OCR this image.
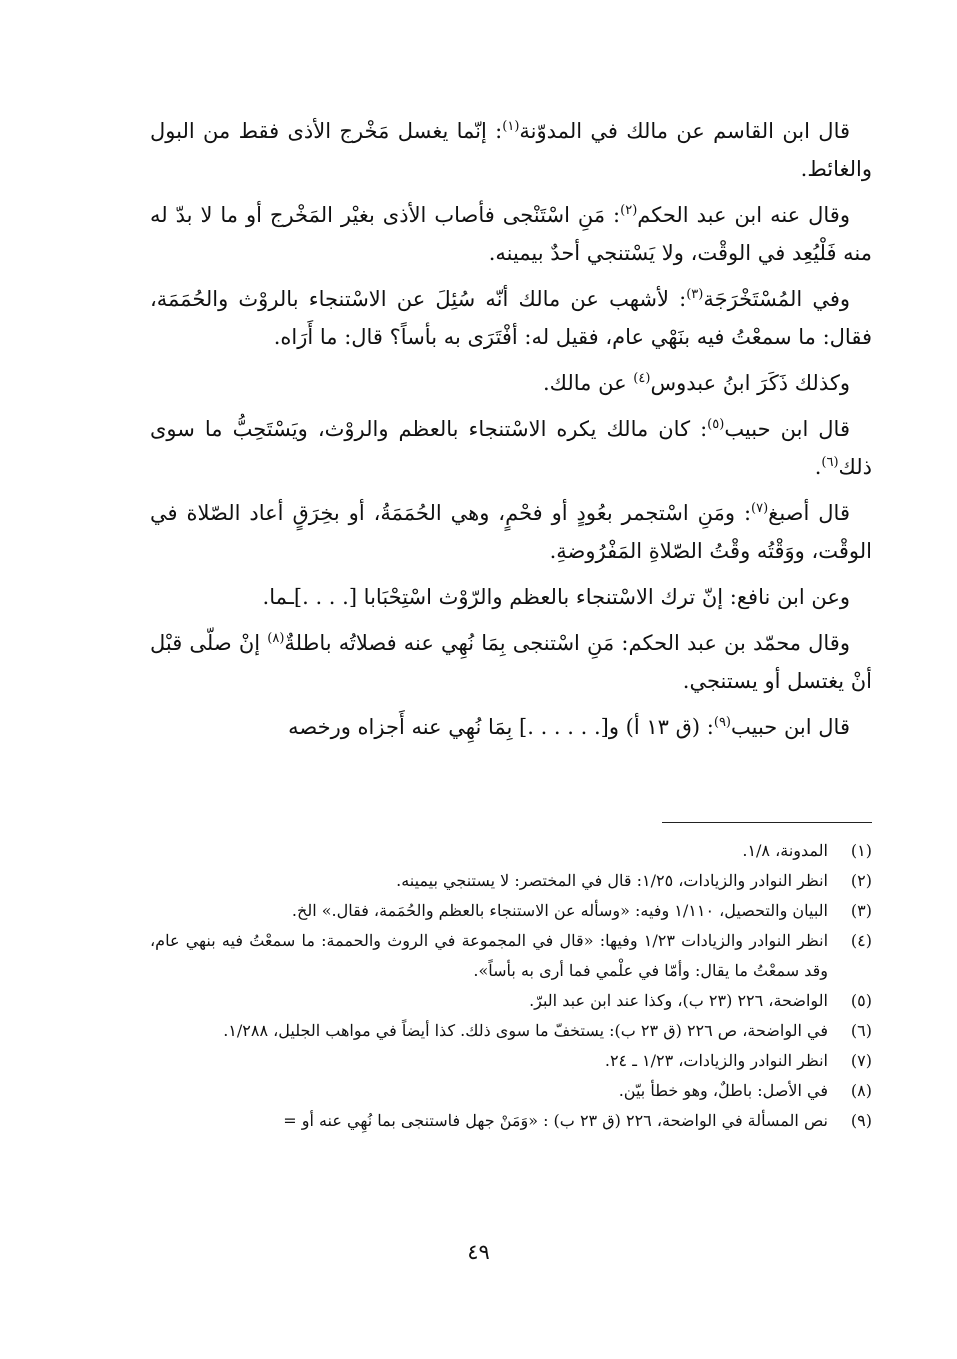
قال ابن القاسم عن مالك في المدوّنة$^{(١)}$: إنّما يغسل مَخْرج الأذى فقط من البول والغائط.

وقال عنه ابن عبد الحكم$^{(٢)}$: مَنِ اسْتَنْجى فأصاب الأذى بغيْر المَخْرج أو ما لا بدّ له منه فَلْيُعِد في الوقْت، ولا يَسْتنجي أحدٌ بيمينه.

وفي المُسْتَخْرَجَة$^{(٣)}$: لأشهب عن مالك أنّه سُئِلَ عن الاسْتنجاء بالروْث والحُمَمَة، فقال: ما سمعْتُ فيه بنَهْي عام، فقيل له: أفْتَرَى به بأساً؟ قال: ما أَرَاه.

وكذلك ذَكَرَ ابنُ عبدوس$^{(٤)}$ عن مالك.

قال ابن حبيب$^{(٥)}$: كان مالك يكره الاسْتنجاء بالعظم والروْث، ويَسْتَحِبُّ ما سوى ذلك$^{(٦)}$.

قال أصبغ$^{(٧)}$: ومَنِ اسْتجمر بعُودٍ أو فحْمٍ، وهي الحُمَمَةُ، أو بخِرَقٍ أعاد الصّلاة في الوقْت، ووَقْتُه وقْتُ الصّلاةِ المَفْرُوضةِ.

وعن ابن نافع: إنّ ترك الاسْتنجاء بالعظم والرّوْث اسْتِحْبَابا [. . . .]ـما.

وقال محمّد بن عبد الحكم: مَنِ اسْتنجى بِمَا نُهِي عنه فصلاتُه باطلةٌ$^{(٨)}$ إنْ صلّى قبْل أنْ يغتسل أو يستنجي.

قال ابن حبيب$^{(٩)}$: (ق ١٣ أ) و[. . . . . .] بِمَا نُهِي عنه أَجزاه ورخصه

(١)
المدونة، ١/٨.
(٢)
انظر النوادر والزيادات، ١/٢٥: قال في المختصر: لا يستنجي بيمينه.
(٣)
البيان والتحصيل، ١/١١٠ وفيه: «وسأله عن الاستنجاء بالعظم والحُمَمة، فقال.» الخ.
(٤)
انظر النوادر والزيادات ١/٢٣ وفيها: «قال في المجموعة في الروث والحممة: ما سمعْتُ فيه بنهي عام، وقد سمعْتُ ما يقال: وأمّا في علْمي فما أرى به بأساً».
(٥)
الواضحة، ٢٢٦ (٢٣ ب)، وكذا عند ابن عبد البرّ.
(٦)
في الواضحة، ص ٢٢٦ (ق ٢٣ ب): يستخفّ ما سوى ذلك. كذا أيضاً في مواهب الجليل، ١/٢٨٨.
(٧)
انظر النوادر والزيادات، ١/٢٣ ـ ٢٤.
(٨)
في الأصل: باطلٌ، وهو خطأ بيّن.
(٩)
نص المسألة في الواضحة، ٢٢٦ (ق ٢٣ ب) : «وَمَنْ جهل فاستنجى بما نُهِي عنه أو =
٤٩
